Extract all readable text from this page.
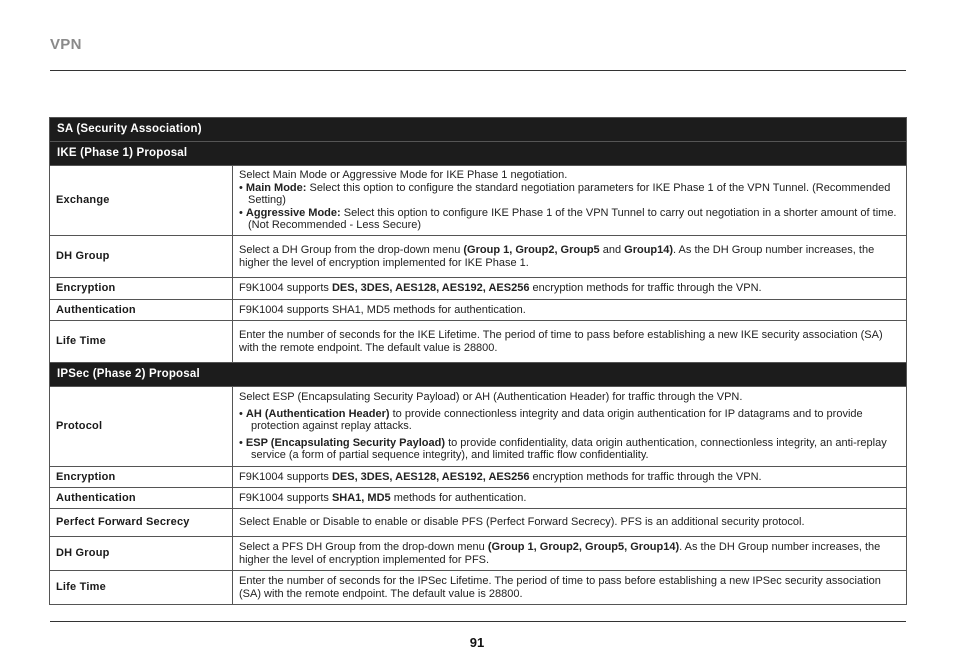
VPN
SA (Security Association)	
IKE (Phase 1) Proposal	
Exchange	Select Main Mode or Aggressive Mode for IKE Phase 1 negotiation.
• Main Mode: Select this option to configure the standard negotiation parameters for IKE Phase 1 of the VPN Tunnel. (Recommended Setting)
• Aggressive Mode: Select this option to configure IKE Phase 1 of the VPN Tunnel to carry out negotiation in a shorter amount of time. (Not Recommended - Less Secure)

DH Group	Select a DH Group from the drop-down menu (Group 1, Group2, Group5 and Group14). As the DH Group number increases, the higher the level of encryption implemented for IKE Phase 1.
Encryption	F9K1004 supports DES, 3DES, AES128, AES192, AES256 encryption methods for traffic through the VPN.
Authentication	F9K1004 supports SHA1, MD5 methods for authentication.
Life Time	Enter the number of seconds for the IKE Lifetime. The period of time to pass before establishing a new IKE security association (SA) with the remote endpoint. The default value is 28800.
IPSec (Phase 2) Proposal	
Protocol	Select ESP (Encapsulating Security Payload) or AH (Authentication Header) for traffic through the VPN.
• AH (Authentication Header) to provide connectionless integrity and data origin authentication for IP datagrams and to provide protection against replay attacks.
• ESP (Encapsulating Security Payload) to provide confidentiality, data origin authentication, connectionless integrity, an anti-replay service (a form of partial sequence integrity), and limited traffic flow confidentiality.

Encryption	F9K1004 supports DES, 3DES, AES128, AES192, AES256 encryption methods for traffic through the VPN.
Authentication	F9K1004 supports SHA1, MD5 methods for authentication.
Perfect Forward Secrecy	Select Enable or Disable to enable or disable PFS (Perfect Forward Secrecy). PFS is an additional security protocol.
DH Group	Select a PFS DH Group from the drop-down menu (Group 1, Group2, Group5, Group14). As the DH Group number increases, the higher the level of encryption implemented for PFS.
Life Time	Enter the number of seconds for the IPSec Lifetime. The period of time to pass before establishing a new IPSec security association (SA) with the remote endpoint. The default value is 28800.
91
